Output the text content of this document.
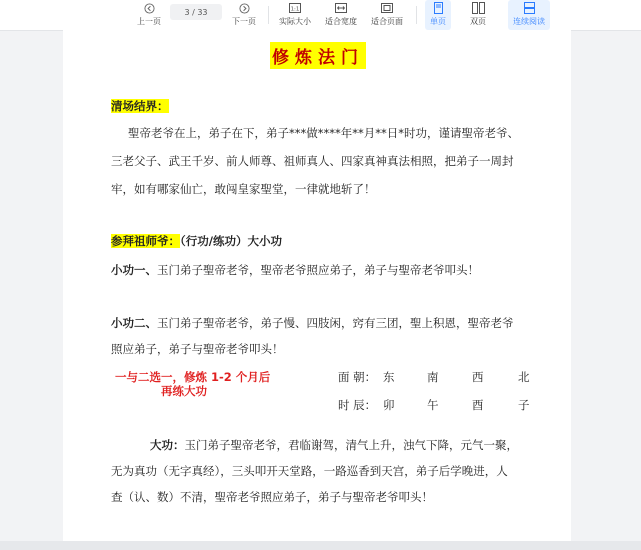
上一页
3 / 33
下一页
1:1
实际大小 适合宽度 适合页面	单页	双页	连续阅读
修炼法门
清场结界：
聖帝老爷在上，弟子在下，弟子***做****年**月**日*时功，谨请聖帝老爷、
三老父子、武王千岁、前人师尊、祖师真人、四家真神真法相照，把弟子一周封
牢，如有哪家仙亡，敢闯皇家聖堂，一律就地斩了！
参拜祖师爷：（行功/练功）大小功
小功一、玉门弟子聖帝老爷，聖帝老爷照应弟子，弟子与聖帝老爷叩头！
小功二、玉门弟子聖帝老爷，弟子慢、四肢闲，窍有三团，聖上积恩，聖帝老爷
照应弟子，弟子与聖帝老爷叩头！
一与二选一，修炼 1-2 个月后
再练大功
面 朝： 东	南	西	北
时 辰： 卯	午	酉	子
大功：玉门弟子聖帝老爷，君临谢驾，清气上升，浊气下降，元气一聚，
无为真功（无字真经），三头叩开天堂路，一路巡香到天宫，弟子后学晚进，人
查（认、数）不清，聖帝老爷照应弟子，弟子与聖帝老爷叩头！
